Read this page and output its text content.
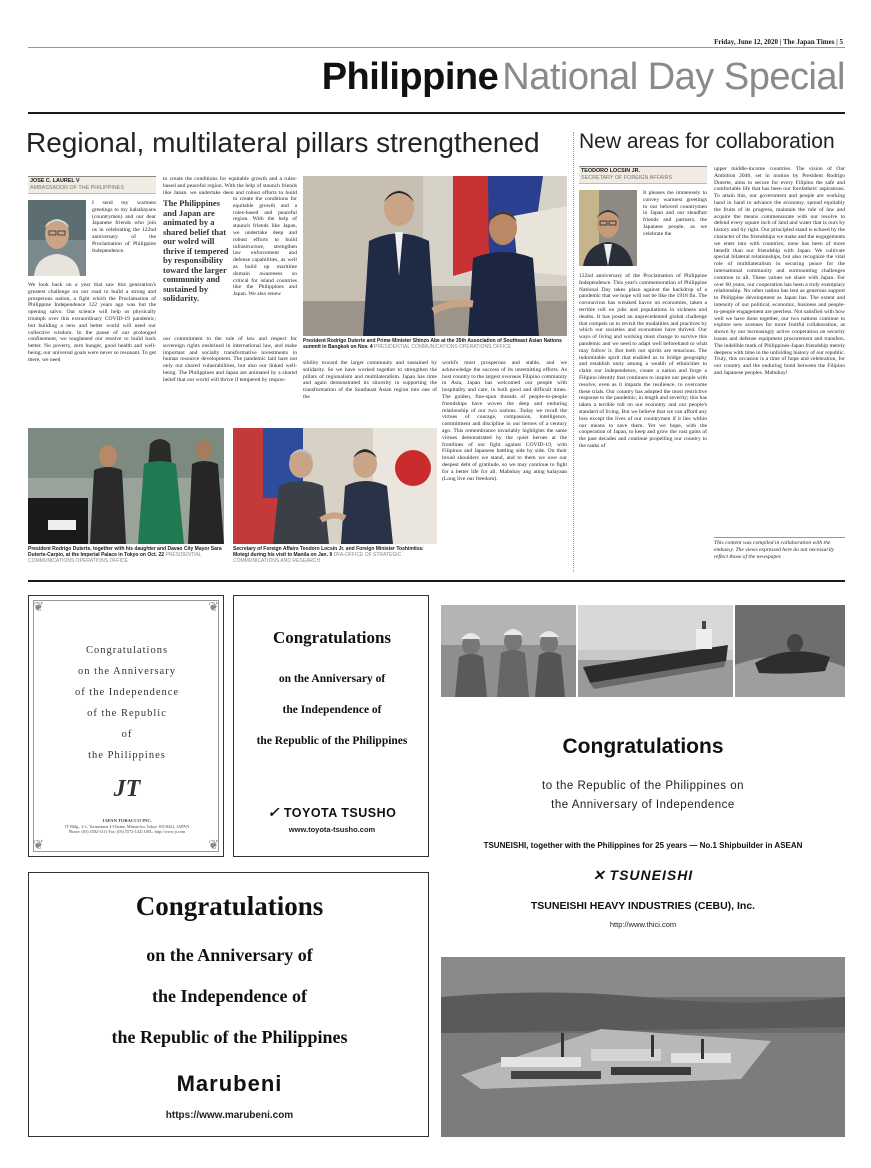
Friday, June 12, 2020 | The Japan Times | 5
Philippine National Day Special
Regional, multilateral pillars strengthened New areas for collaboration
JOSE C. LAUREL V
AMBASSADOR OF THE PHILIPPINES
I send my warmest greetings to my kababayans (countrymen) and our dear Japanese friends who join us in celebrating the 122nd anniversary of the Proclamation of Philippine Independence.
We look back on a year that saw this generation's greatest challenge on our road to build a strong and prosperous nation, a fight which the Proclamation of Philippine Independence 122 years ago was but the opening salvo. Our science will help us physically triumph over this extraordinary COVID-19 pandemic; but building a new and better world will need our collective wisdom. In the pause of our prolonged confinement, we toughened our resolve to build back better. No poverty, zero hunger, good health and well-being; our universal goals were never so resonant. To get there, we need
to create the conditions for equitable growth and a rules-based and peaceful region. With the help of staunch friends like Japan, we undertake deep and robust efforts to build
The Philippines and Japan are animated by a shared belief that our wolrd will thrive if tempered by responsibility toward the larger community and sustained by solidarity.
to create the conditions for equitable growth and a rules-based and peaceful region. With the help of staunch friends like Japan, we undertake deep and robust efforts to build infrastructure, strengthen law enforcement and defense capabilities, as well as build up maritime domain awareness so critical for island countries like the Philippines and Japan. We also renew
our commitment to the rule of law and respect for sovereign rights enshrined in international law, and make important and socially transformative investments in human resource development. The pandemic laid bare not only our shared vulnerabilities, but also our linked well-being. The Philippines and Japan are animated by a shared belief that our world will thrive if tempered by respon-
President Rodrigo Duterte and Prime Minister Shinzo Abe at the 35th Association of Southeast Asian Nations summit in Bangkok on Nov. 4 PRESIDENTIAL COMMUNICATIONS OPERATIONS OFFICE
sibility toward the larger community and sustained by solidarity. So we have worked together to strengthen the pillars of regionalism and multilateralism. Japan has time and again demonstrated its sincerity in supporting the transformation of the Southeast Asian region into one of the
world's most prosperous and stable, and we acknowledge the success of its unremitting efforts. As host country to the largest overseas Filipino community in Asia, Japan has welcomed our people with hospitality and care, in both good and difficult times. The golden, fine-spun threads of people-to-people friendships have woven the deep and enduring relationship of our two nations. Today we recall the virtues of courage, compassion, intelligence, commitment and discipline in our heroes of a century ago. This remembrance invariably highlights the same virtues demonstrated by the quiet heroes at the frontlines of our fight against COVID-19, with Filipinos and Japanese battling side by side. On their broad shoulders we stand, and to them we owe our deepest debt of gratitude, so we may continue to fight for a better life for all. Mabuhay ang ating kalayaan (Long live our freedom).
President Rodrigo Duterte, together with his daughter and Davao City Mayor Sara Duterte-Carpio, at the Imperial Palace in Tokyo on Oct. 22 PRESIDENTIAL COMMUNICATIONS OPERATIONS OFFICE
Secretary of Foreign Affairs Teodoro Locsin Jr. and Foreign Minister Toshimitsu Motegi during his visit to Manila on Jan. 9 DFA-OFFICE OF STRATEGIC COMMUNICATIONS AND RESEARCH
TEODORO LOCSIN JR.
SECRETARY OF FOREIGN AFFAIRS
It pleases me immensely to convey warmest greetings to our beloved countrymen in Japan and our steadfast friends and partners, the Japanese people, as we celebrate the
122nd anniversary of the Proclamation of Philippine Independence. This year's commemoration of Philippine National Day takes place against the backdrop of a pandemic that we hope will not be like the 1918 flu. The coronavirus has wreaked havoc on economies, taken a terrible toll on jobs and populations in sickness and deaths. It has posed an unprecedented global challenge that compels us to revisit the modalities and practices by which our societies and economies have thrived. Our ways of living and working must change to survive this pandemic and we need to adapt well beforehand to what may follow it. But both our spirits are tenacious. The indomitable spirit that enabled us to bridge geography and establish unity among a wealth of ethnicities to claim our independence, create a nation and forge a Filipino identity that continues to inspire our people with resolve, even as it imparts the resilience, to overcome these trials. Our country has adopted the most restrictive response to the pandemic, in length and severity; this has taken a terrible toll on our economy and our people's standard of living. But we believe that we can afford any loss except the lives of our countrymen if it lies within our means to save them. Yet we hope, with the cooperation of Japan, to keep and grow the vast gains of the past decades and continue propelling our country to the ranks of
upper middle-income countries. The vision of Our Ambition 2040, set in motion by President Rodrigo Duterte, aims to secure for every Filipino the safe and comfortable life that has been our forefathers' aspirations. To attain this, our government and people are working hand in hand to advance the economy, spread equitably the fruits of its progress, maintain the rule of law and acquire the means commensurate with our resolve to defend every square inch of land and water that is ours by history and by right. Our principled stand is echoed by the character of the friendships we make and the engagements we enter into with countries; none has been of more benefit than our friendship with Japan. We cultivate special bilateral relationships, but also recognize the vital role of multilateralism in securing peace for the international community and surmounting challenges common to all. These values we share with Japan. For over 60 years, our cooperation has been a truly exemplary relationship. No other nation has lent as generous support to Philippine development as Japan has. The extent and intensity of our political, economic, business and people-to-people engagement are peerless. Not satisfied with how well we have done together, our two nations continue to explore new avenues for more fruitful collaboration, as shown by our increasingly active cooperation on security issues and defense equipment procurement and transfers. The indelible mark of Philippines-Japan friendship merely deepens with time in the unfolding history of our republic. Truly, this occasion is a time of hope and celebration, for our country and the enduring bond between the Filipino and Japanese peoples. Mabuhay!
This content was compiled in collaboration with the embassy. The views expressed here do not necessarily reflect those of the newspaper.
❦	❦
❦	❦
Congratulations
on the Anniversary
of the Independence
of the Republic
of
the Philippines
JT
JAPAN TOBACCO INC.
JT Bldg., 2-1, Toranomon 4-Chome, Minato-ku, Tokyo 105-8422, JAPAN
Phone: (03) 3582-3111 Fax: (03) 5572-1441 URL: http://www.jt.com
Congratulations
on the Anniversary of
the Independence of
the Republic of the Philippines
✓ TOYOTA TSUSHO
www.toyota-tsusho.com
Congratulations
to the Republic of the Philippines on
the Anniversary of Independence
TSUNEISHI, together with the Philippines for 25 years — No.1 Shipbuilder in ASEAN
✕ TSUNEISHI
TSUNEISHI HEAVY INDUSTRIES (CEBU), Inc.
http://www.thici.com
Congratulations
on the Anniversary of
the Independence of
the Republic of the Philippines
Marubeni
https://www.marubeni.com
